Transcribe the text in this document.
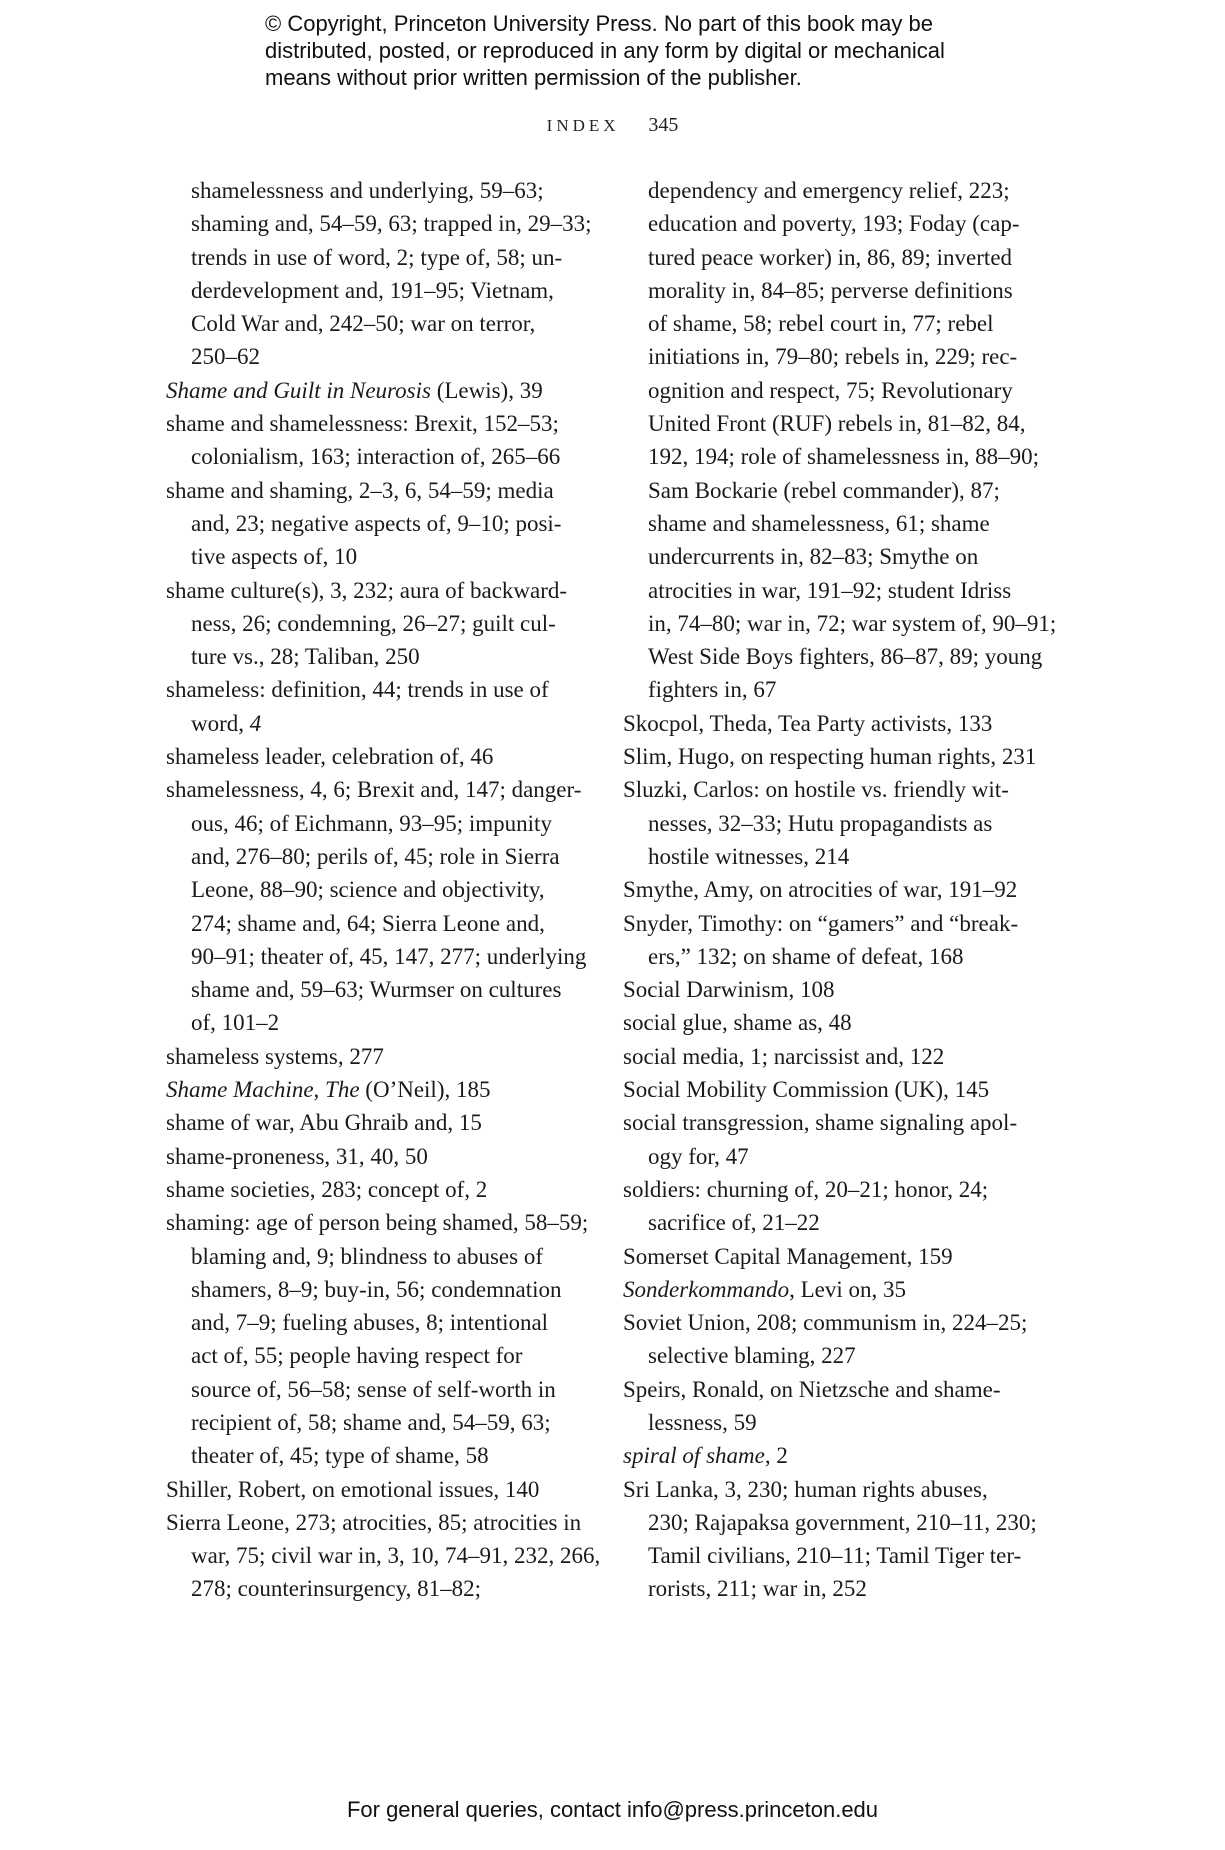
© Copyright, Princeton University Press. No part of this book may be
distributed, posted, or reproduced in any form by digital or mechanical
means without prior written permission of the publisher.
INDEX 345
shamelessness and underlying, 59–63;
shaming and, 54–59, 63; trapped in, 29–33;
trends in use of word, 2; type of, 58; un-
derdevelopment and, 191–95; Vietnam,
Cold War and, 242–50; war on terror,
250–62
Shame and Guilt in Neurosis (Lewis), 39
shame and shamelessness: Brexit, 152–53;
colonialism, 163; interaction of, 265–66
shame and shaming, 2–3, 6, 54–59; media
and, 23; negative aspects of, 9–10; posi-
tive aspects of, 10
shame culture(s), 3, 232; aura of backward-
ness, 26; condemning, 26–27; guilt cul-
ture vs., 28; Taliban, 250
shameless: definition, 44; trends in use of
word, 4
shameless leader, celebration of, 46
shamelessness, 4, 6; Brexit and, 147; danger-
ous, 46; of Eichmann, 93–95; impunity
and, 276–80; perils of, 45; role in Sierra
Leone, 88–90; science and objectivity,
274; shame and, 64; Sierra Leone and,
90–91; theater of, 45, 147, 277; underlying
shame and, 59–63; Wurmser on cultures
of, 101–2
shameless systems, 277
Shame Machine, The (O’Neil), 185
shame of war, Abu Ghraib and, 15
shame-proneness, 31, 40, 50
shame societies, 283; concept of, 2
shaming: age of person being shamed, 58–59;
blaming and, 9; blindness to abuses of
shamers, 8–9; buy-in, 56; condemnation
and, 7–9; fueling abuses, 8; intentional
act of, 55; people having respect for
source of, 56–58; sense of self-worth in
recipient of, 58; shame and, 54–59, 63;
theater of, 45; type of shame, 58
Shiller, Robert, on emotional issues, 140
Sierra Leone, 273; atrocities, 85; atrocities in
war, 75; civil war in, 3, 10, 74–91, 232, 266,
278; counterinsurgency, 81–82;
dependency and emergency relief, 223;
education and poverty, 193; Foday (cap-
tured peace worker) in, 86, 89; inverted
morality in, 84–85; perverse definitions
of shame, 58; rebel court in, 77; rebel
initiations in, 79–80; rebels in, 229; rec-
ognition and respect, 75; Revolutionary
United Front (RUF) rebels in, 81–82, 84,
192, 194; role of shamelessness in, 88–90;
Sam Bockarie (rebel commander), 87;
shame and shamelessness, 61; shame
undercurrents in, 82–83; Smythe on
atrocities in war, 191–92; student Idriss
in, 74–80; war in, 72; war system of, 90–91;
West Side Boys fighters, 86–87, 89; young
fighters in, 67
Skocpol, Theda, Tea Party activists, 133
Slim, Hugo, on respecting human rights, 231
Sluzki, Carlos: on hostile vs. friendly wit-
nesses, 32–33; Hutu propagandists as
hostile witnesses, 214
Smythe, Amy, on atrocities of war, 191–92
Snyder, Timothy: on “gamers” and “break-
ers,” 132; on shame of defeat, 168
Social Darwinism, 108
social glue, shame as, 48
social media, 1; narcissist and, 122
Social Mobility Commission (UK), 145
social transgression, shame signaling apol-
ogy for, 47
soldiers: churning of, 20–21; honor, 24;
sacrifice of, 21–22
Somerset Capital Management, 159
Sonderkommando, Levi on, 35
Soviet Union, 208; communism in, 224–25;
selective blaming, 227
Speirs, Ronald, on Nietzsche and shame-
lessness, 59
spiral of shame, 2
Sri Lanka, 3, 230; human rights abuses,
230; Rajapaksa government, 210–11, 230;
Tamil civilians, 210–11; Tamil Tiger ter-
rorists, 211; war in, 252
For general queries, contact info@press.princeton.edu
